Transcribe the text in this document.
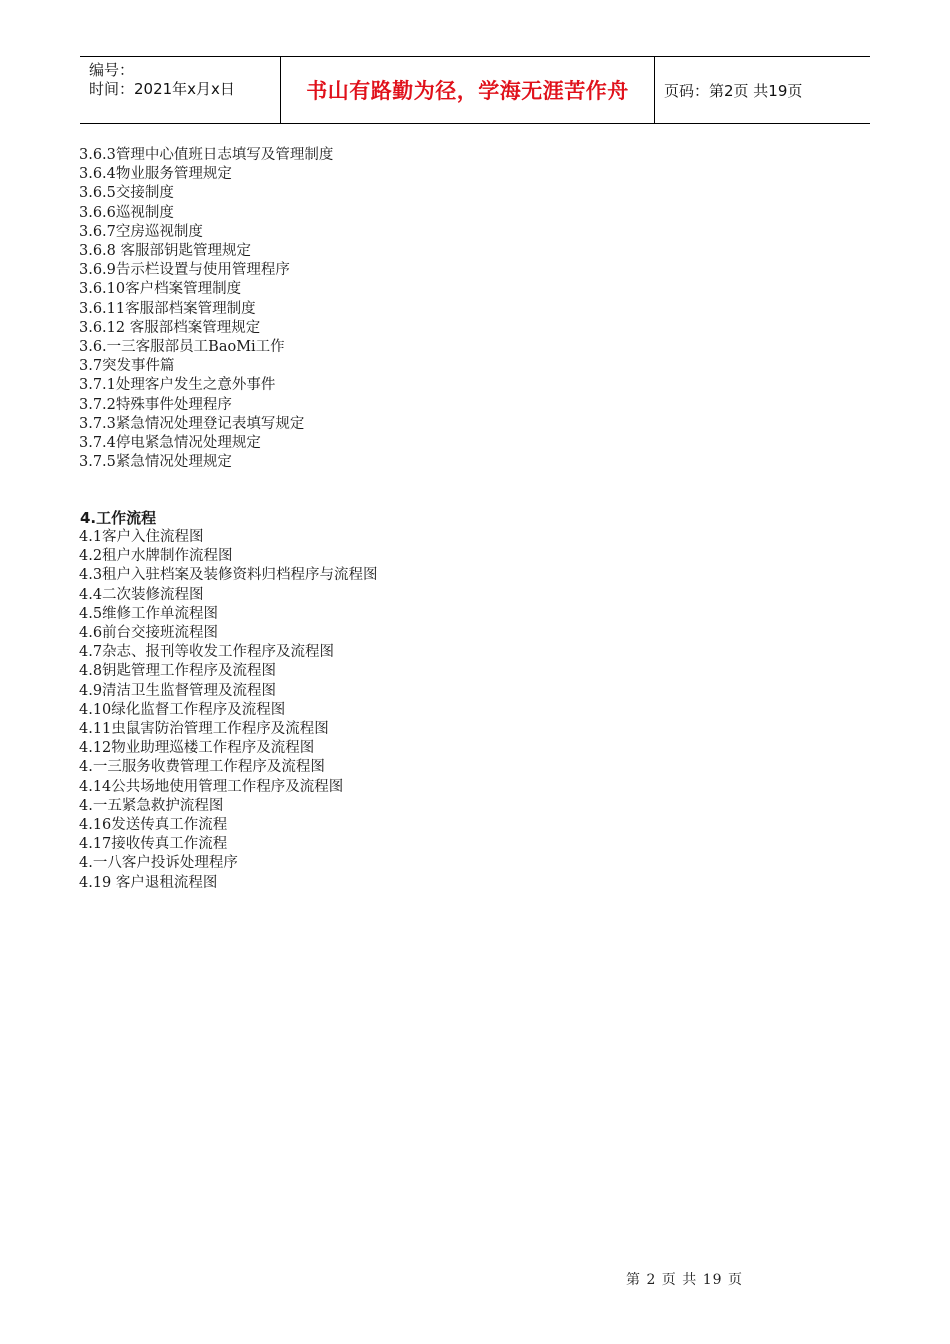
编号：
时间：2021年x月x日	书山有路勤为径，学海无涯苦作舟 页码：第2页 共19页
3.6.3管理中心值班日志填写及管理制度
3.6.4物业服务管理规定
3.6.5交接制度
3.6.6巡视制度
3.6.7空房巡视制度
3.6.8 客服部钥匙管理规定
3.6.9告示栏设置与使用管理程序
3.6.10客户档案管理制度
3.6.11客服部档案管理制度
3.6.12 客服部档案管理规定
3.6.一三客服部员工BaoMi工作
3.7突发事件篇
3.7.1处理客户发生之意外事件
3.7.2特殊事件处理程序
3.7.3紧急情况处理登记表填写规定
3.7.4停电紧急情况处理规定
3.7.5紧急情况处理规定
4.工作流程
4.1客户入住流程图
4.2租户水牌制作流程图
4.3租户入驻档案及装修资料归档程序与流程图
4.4二次装修流程图
4.5维修工作单流程图
4.6前台交接班流程图
4.7杂志、报刊等收发工作程序及流程图
4.8钥匙管理工作程序及流程图
4.9清洁卫生监督管理及流程图
4.10绿化监督工作程序及流程图
4.11虫鼠害防治管理工作程序及流程图
4.12物业助理巡楼工作程序及流程图
4.一三服务收费管理工作程序及流程图
4.14公共场地使用管理工作程序及流程图
4.一五紧急救护流程图
4.16发送传真工作流程
4.17接收传真工作流程
4.一八客户投诉处理程序
4.19 客户退租流程图
第 2 页 共 19 页
